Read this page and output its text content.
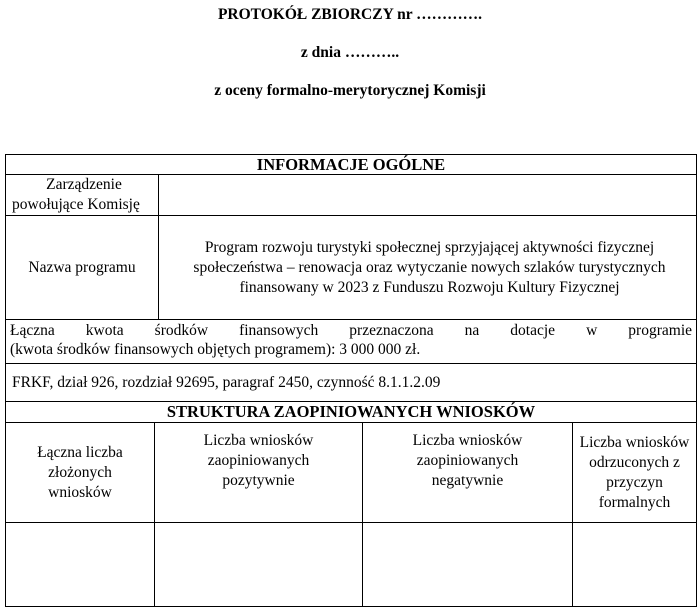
PROTOKÓŁ ZBIORCZY nr ………….
z dnia ………..
z oceny formalno-merytorycznej Komisji
INFORMACJE OGÓLNE
Zarządzenie
powołujące Komisję
Nazwa programu
Program rozwoju turystyki społecznej sprzyjającej aktywności fizycznej społeczeństwa – renowacja oraz wytyczanie nowych szlaków turystycznych finansowany w 2023 z Funduszu Rozwoju Kultury Fizycznej
Łączna kwota środków finansowych przeznaczona na dotacje w programie
(kwota środków finansowych objętych programem): 3 000 000 zł.
FRKF, dział 926, rozdział 92695, paragraf 2450, czynność 8.1.1.2.09
STRUKTURA ZAOPINIOWANYCH WNIOSKÓW
Łączna liczba złożonych wniosków
Liczba wniosków zaopiniowanych pozytywnie
Liczba wniosków zaopiniowanych negatywnie
Liczba wniosków odrzuconych z przyczyn formalnych
